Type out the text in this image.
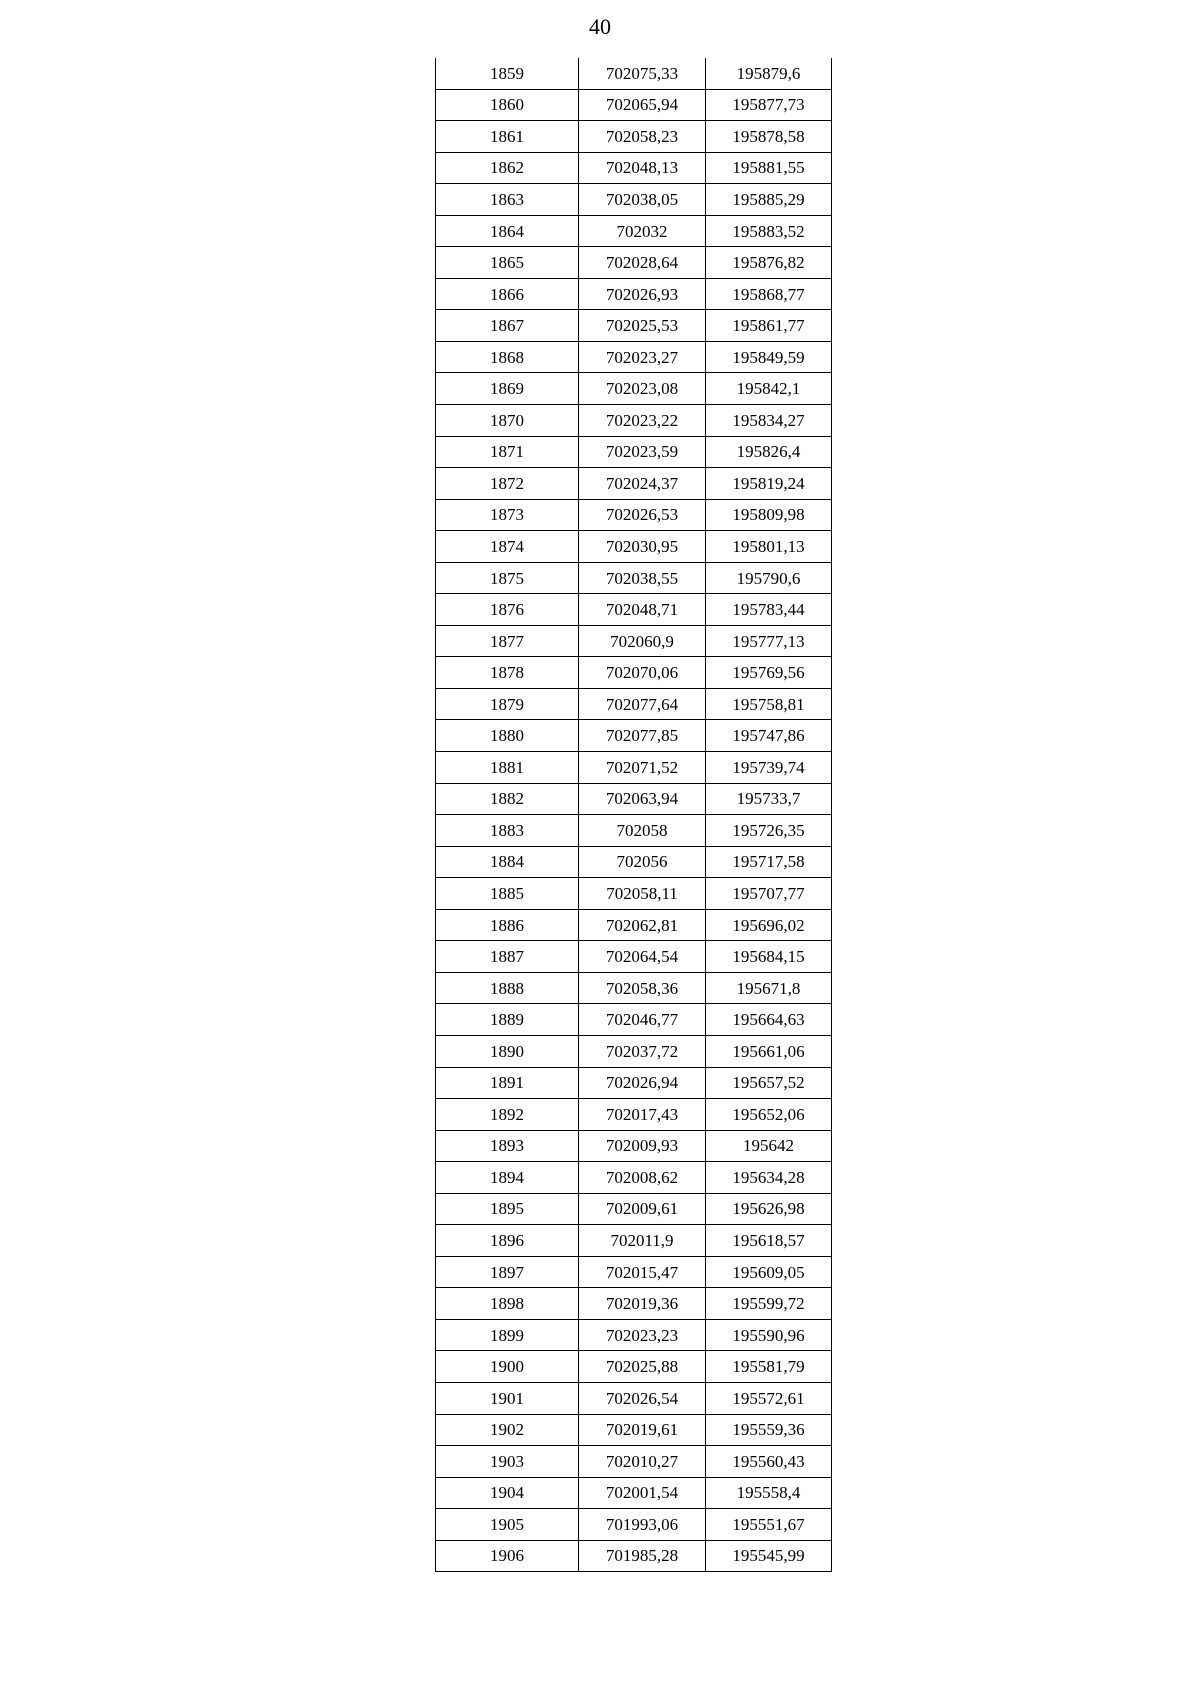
40
1859	702075,33	195879,6
1860	702065,94	195877,73
1861	702058,23	195878,58
1862	702048,13	195881,55
1863	702038,05	195885,29
1864	702032	195883,52
1865	702028,64	195876,82
1866	702026,93	195868,77
1867	702025,53	195861,77
1868	702023,27	195849,59
1869	702023,08	195842,1
1870	702023,22	195834,27
1871	702023,59	195826,4
1872	702024,37	195819,24
1873	702026,53	195809,98
1874	702030,95	195801,13
1875	702038,55	195790,6
1876	702048,71	195783,44
1877	702060,9	195777,13
1878	702070,06	195769,56
1879	702077,64	195758,81
1880	702077,85	195747,86
1881	702071,52	195739,74
1882	702063,94	195733,7
1883	702058	195726,35
1884	702056	195717,58
1885	702058,11	195707,77
1886	702062,81	195696,02
1887	702064,54	195684,15
1888	702058,36	195671,8
1889	702046,77	195664,63
1890	702037,72	195661,06
1891	702026,94	195657,52
1892	702017,43	195652,06
1893	702009,93	195642
1894	702008,62	195634,28
1895	702009,61	195626,98
1896	702011,9	195618,57
1897	702015,47	195609,05
1898	702019,36	195599,72
1899	702023,23	195590,96
1900	702025,88	195581,79
1901	702026,54	195572,61
1902	702019,61	195559,36
1903	702010,27	195560,43
1904	702001,54	195558,4
1905	701993,06	195551,67
1906	701985,28	195545,99
